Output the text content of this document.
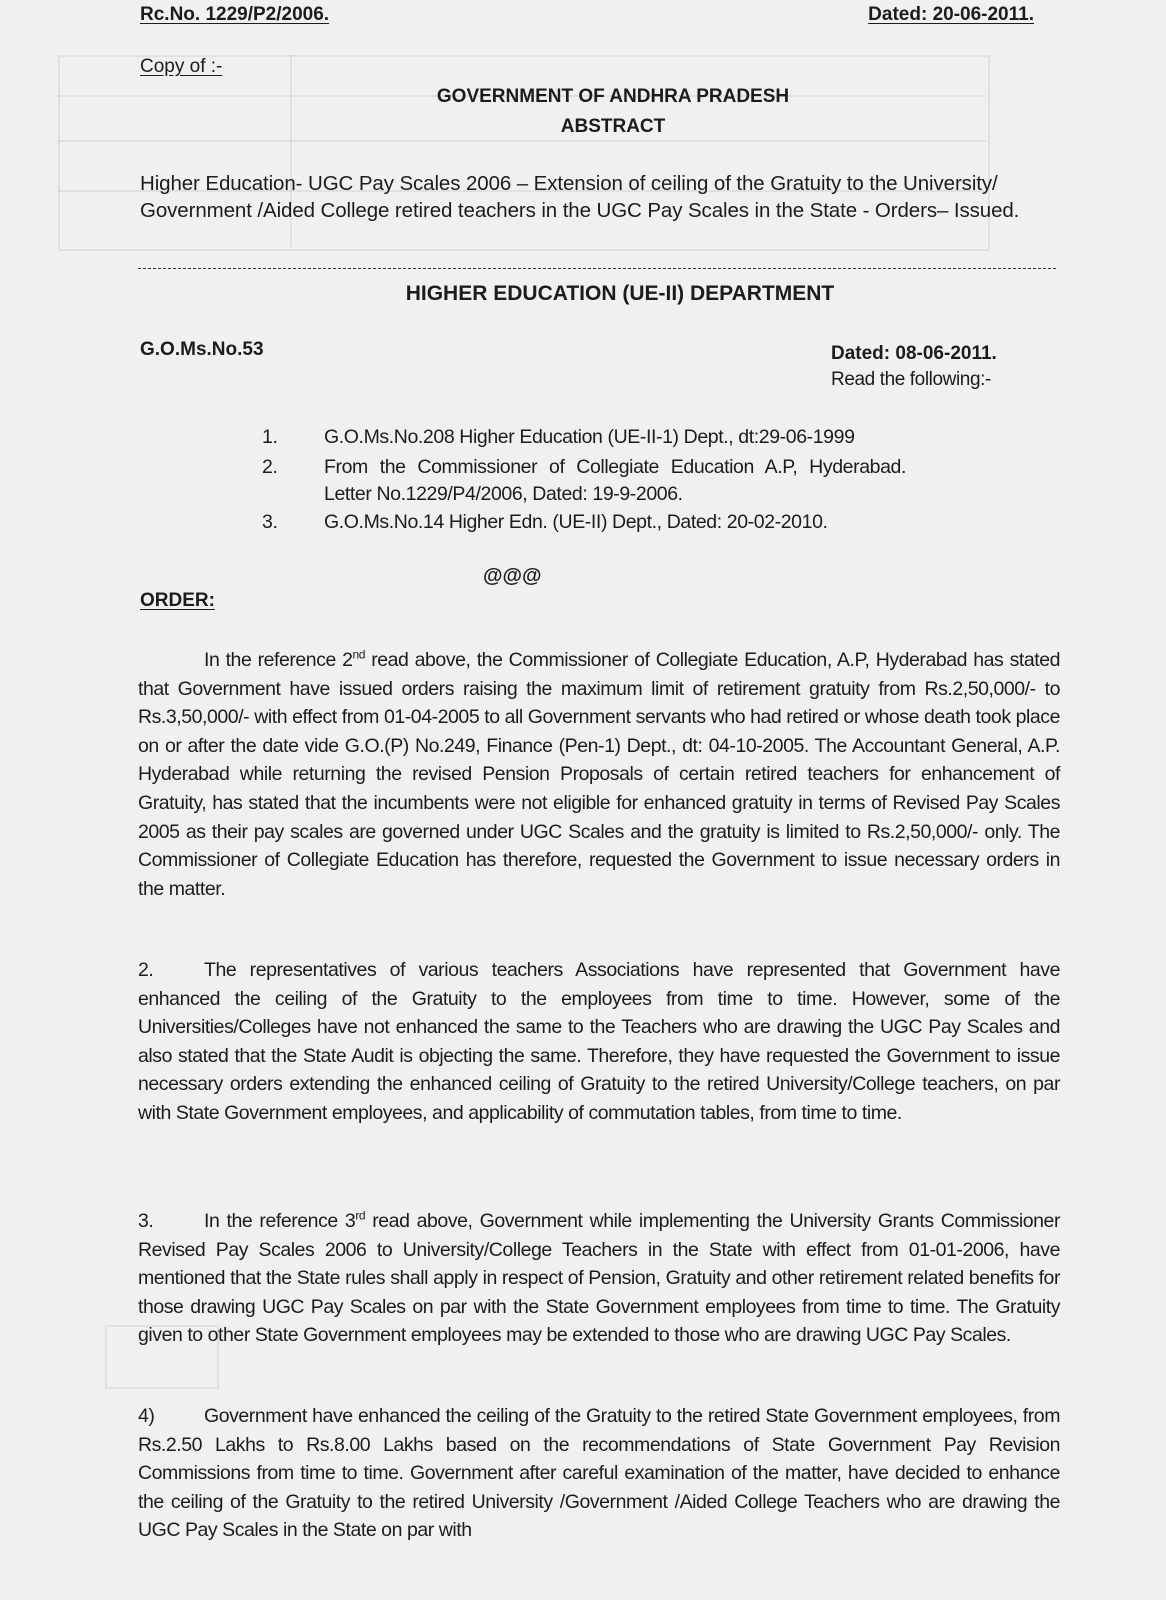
Rc.No. 1229/P2/2006.	Dated: 20-06-2011.
Copy of :-
GOVERNMENT OF ANDHRA PRADESH
ABSTRACT
Higher Education- UGC Pay Scales 2006 – Extension of ceiling of the Gratuity to the University/ Government /Aided College retired teachers in the UGC Pay Scales in the State - Orders– Issued.
HIGHER EDUCATION (UE-II) DEPARTMENT
G.O.Ms.No.53	Dated: 08-06-2011.
Read the following:-
1. G.O.Ms.No.208 Higher Education (UE-II-1) Dept., dt:29-06-1999
2. From the Commissioner of Collegiate Education A.P, Hyderabad. Letter No.1229/P4/2006, Dated: 19-9-2006.
3. G.O.Ms.No.14 Higher Edn. (UE-II) Dept., Dated: 20-02-2010.
@@@
ORDER:
In the reference 2nd read above, the Commissioner of Collegiate Education, A.P, Hyderabad has stated that Government have issued orders raising the maximum limit of retirement gratuity from Rs.2,50,000/- to Rs.3,50,000/- with effect from 01-04-2005 to all Government servants who had retired or whose death took place on or after the date vide G.O.(P) No.249, Finance (Pen-1) Dept., dt: 04-10-2005. The Accountant General, A.P. Hyderabad while returning the revised Pension Proposals of certain retired teachers for enhancement of Gratuity, has stated that the incumbents were not eligible for enhanced gratuity in terms of Revised Pay Scales 2005 as their pay scales are governed under UGC Scales and the gratuity is limited to Rs.2,50,000/- only. The Commissioner of Collegiate Education has therefore, requested the Government to issue necessary orders in the matter.
2.	The representatives of various teachers Associations have represented that Government have enhanced the ceiling of the Gratuity to the employees from time to time. However, some of the Universities/Colleges have not enhanced the same to the Teachers who are drawing the UGC Pay Scales and also stated that the State Audit is objecting the same. Therefore, they have requested the Government to issue necessary orders extending the enhanced ceiling of Gratuity to the retired University/College teachers, on par with State Government employees, and applicability of commutation tables, from time to time.
3.	In the reference 3rd read above, Government while implementing the University Grants Commissioner Revised Pay Scales 2006 to University/College Teachers in the State with effect from 01-01-2006, have mentioned that the State rules shall apply in respect of Pension, Gratuity and other retirement related benefits for those drawing UGC Pay Scales on par with the State Government employees from time to time. The Gratuity given to other State Government employees may be extended to those who are drawing UGC Pay Scales.
4)	Government have enhanced the ceiling of the Gratuity to the retired State Government employees, from Rs.2.50 Lakhs to Rs.8.00 Lakhs based on the recommendations of State Government Pay Revision Commissions from time to time. Government after careful examination of the matter, have decided to enhance the ceiling of the Gratuity to the retired University /Government /Aided College Teachers who are drawing the UGC Pay Scales in the State on par with
